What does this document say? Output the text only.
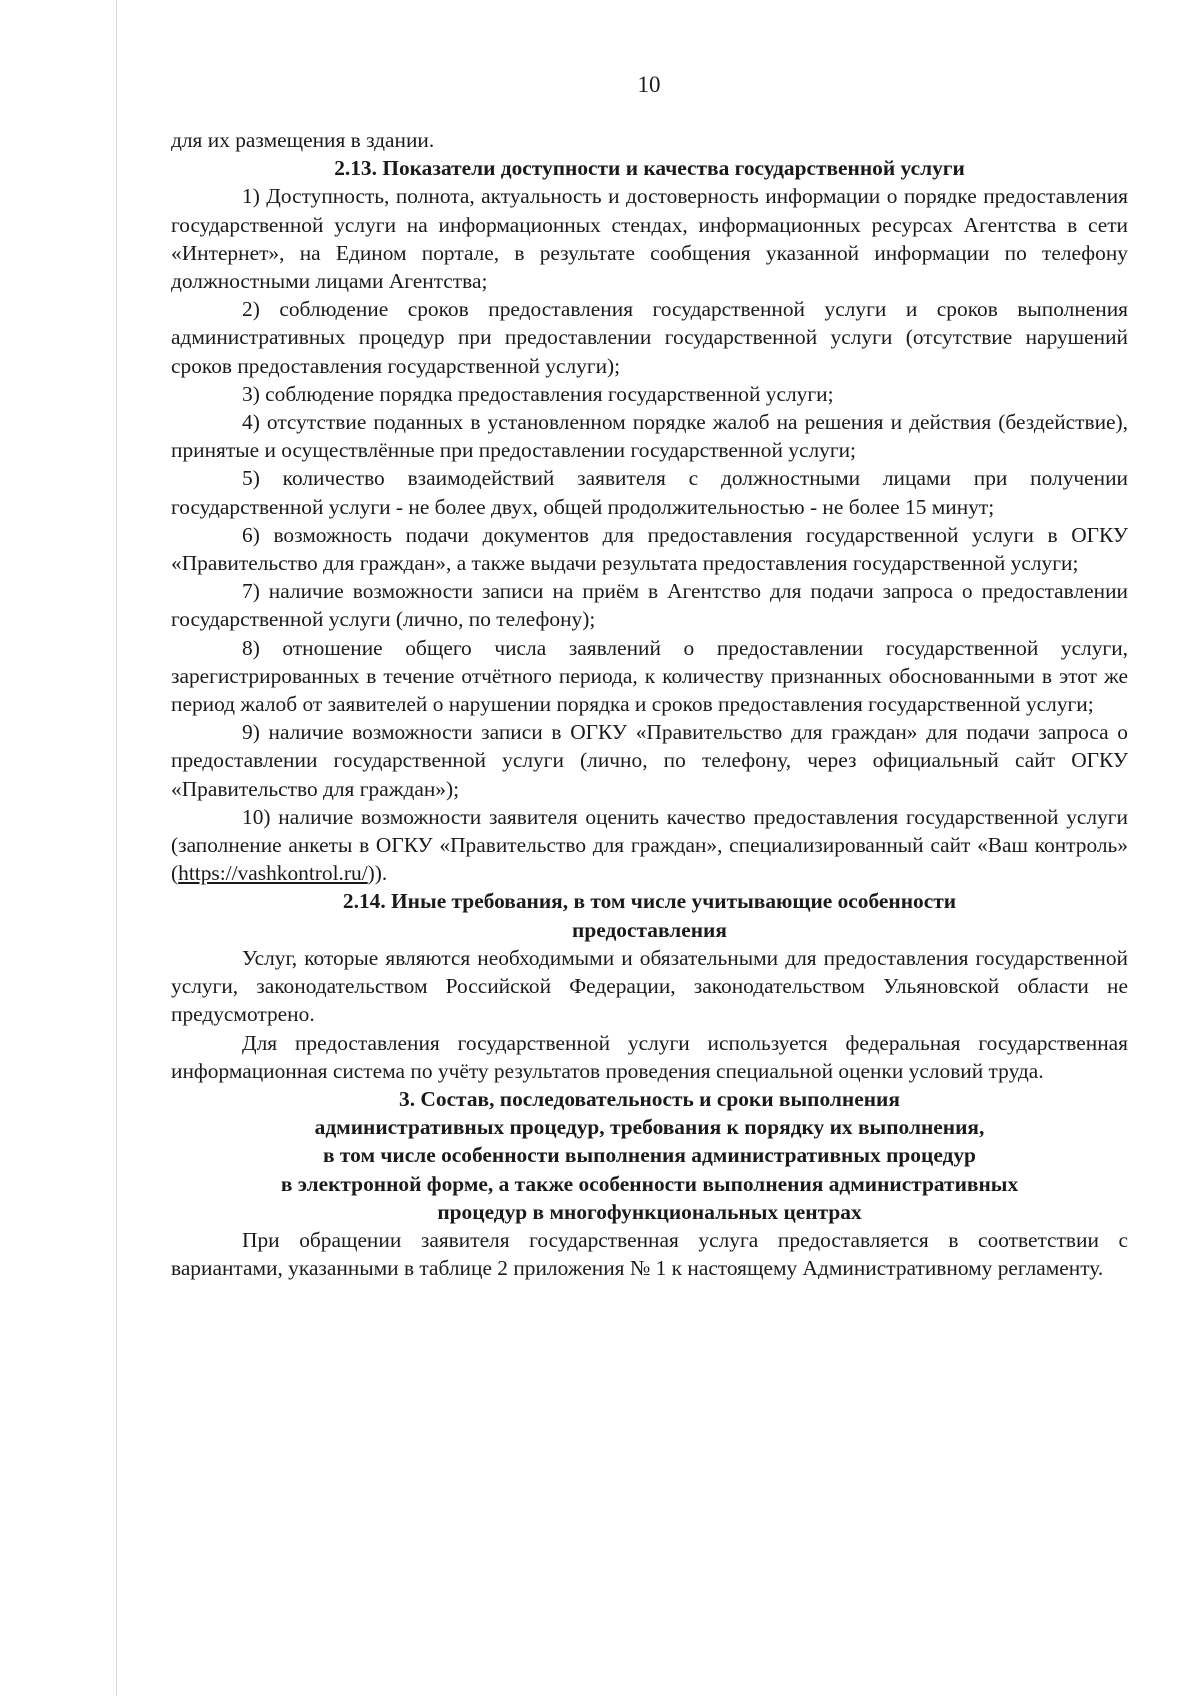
10

для их размещения в здании.

2.13. Показатели доступности и качества государственной услуги

1) Доступность, полнота, актуальность и достоверность информации о порядке предоставления государственной услуги на информационных стендах, информационных ресурсах Агентства в сети «Интернет», на Едином портале, в результате сообщения указанной информации по телефону должностными лицами Агентства;

2) соблюдение сроков предоставления государственной услуги и сроков выполнения административных процедур при предоставлении государственной услуги (отсутствие нарушений сроков предоставления государственной услуги);

3) соблюдение порядка предоставления государственной услуги;

4) отсутствие поданных в установленном порядке жалоб на решения и действия (бездействие), принятые и осуществлённые при предоставлении государственной услуги;

5) количество взаимодействий заявителя с должностными лицами при получении государственной услуги - не более двух, общей продолжительностью - не более 15 минут;

6) возможность подачи документов для предоставления государственной услуги в ОГКУ «Правительство для граждан», а также выдачи результата предоставления государственной услуги;

7) наличие возможности записи на приём в Агентство для подачи запроса о предоставлении государственной услуги (лично, по телефону);

8) отношение общего числа заявлений о предоставлении государственной услуги, зарегистрированных в течение отчётного периода, к количеству признанных обоснованными в этот же период жалоб от заявителей о нарушении порядка и сроков предоставления государственной услуги;

9) наличие возможности записи в ОГКУ «Правительство для граждан» для подачи запроса о предоставлении государственной услуги (лично, по телефону, через официальный сайт ОГКУ «Правительство для граждан»);

10) наличие возможности заявителя оценить качество предоставления государственной услуги (заполнение анкеты в ОГКУ «Правительство для граждан», специализированный сайт «Ваш контроль» (https://vashkontrol.ru/)).

2.14. Иные требования, в том числе учитывающие особенности
предоставления

Услуг, которые являются необходимыми и обязательными для предоставления государственной услуги, законодательством Российской Федерации, законодательством Ульяновской области не предусмотрено.

Для предоставления государственной услуги используется федеральная государственная информационная система по учёту результатов проведения специальной оценки условий труда.

3. Состав, последовательность и сроки выполнения
административных процедур, требования к порядку их выполнения,
в том числе особенности выполнения административных процедур
в электронной форме, а также особенности выполнения административных
процедур в многофункциональных центрах

При обращении заявителя государственная услуга предоставляется в соответствии с вариантами, указанными в таблице 2 приложения № 1 к настоящему Административному регламенту.
